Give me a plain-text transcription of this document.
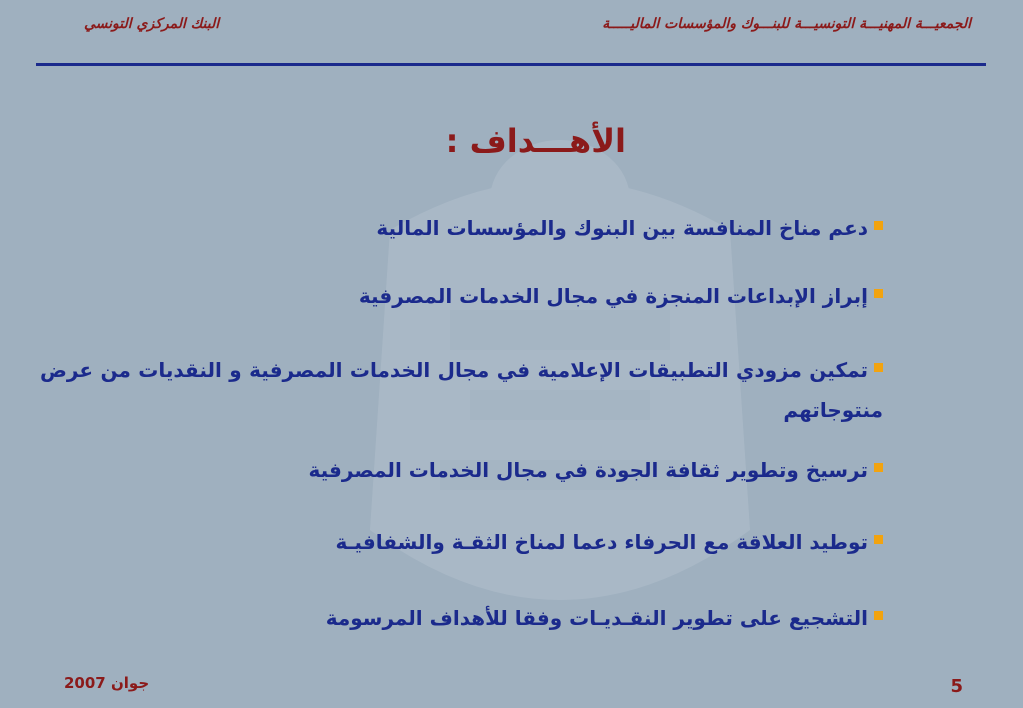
الجمعيـــة المهنيـــة التونسيـــة للبنـــوك والمؤسسات الماليـــــة
البنك المركزي التونسي
الأهـــداف :
دعم مناخ المنافسة بين البنوك والمؤسسات المالية
إبراز الإبداعات المنجزة في مجال الخدمات المصرفية
تمكين مزودي التطبيقات الإعلامية في مجال الخدمات المصرفية و النقديات من عرض منتوجاتهم
ترسيخ وتطوير ثقافة الجودة في مجال الخدمات المصرفية
توطيد العلاقة مع الحرفاء دعما لمناخ الثقـة والشفافيـة
التشجيع على تطوير النقـديـات وفقا للأهداف المرسومة
جوان 2007	5
